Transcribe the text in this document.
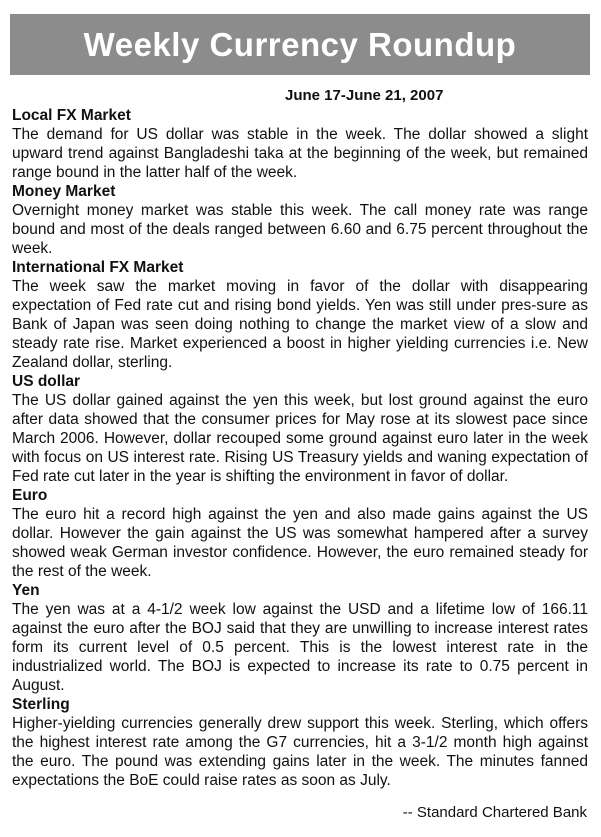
Weekly Currency Roundup
June 17-June 21, 2007
Local FX Market

The demand for US dollar was stable in the week. The dollar showed a slight upward trend against Bangladeshi taka at the beginning of the week, but remained range bound in the latter half of the week.

Money Market

Overnight money market was stable this week. The call money rate was range bound and most of the deals ranged between 6.60 and 6.75 percent throughout the week.

International FX Market

The week saw the market moving in favor of the dollar with disappearing expectation of Fed rate cut and rising bond yields. Yen was still under pres-sure as Bank of Japan was seen doing nothing to change the market view of a slow and steady rate rise. Market experienced a boost in higher yielding currencies i.e. New Zealand dollar, sterling.

US dollar

The US dollar gained against the yen this week, but lost ground against the euro after data showed that the consumer prices for May rose at its slowest pace since March 2006. However, dollar recouped some ground against euro later in the week with focus on US interest rate. Rising US Treasury yields and waning expectation of Fed rate cut later in the year is shifting the environment in favor of dollar.

Euro

The euro hit a record high against the yen and also made gains against the US dollar. However the gain against the US was somewhat hampered after a survey showed weak German investor confidence. However, the euro remained steady for the rest of the week.

Yen

The yen was at a 4-1/2 week low against the USD and a lifetime low of 166.11 against the euro after the BOJ said that they are unwilling to increase interest rates form its current level of 0.5 percent. This is the lowest interest rate in the industrialized world. The BOJ is expected to increase its rate to 0.75 percent in August.

Sterling

Higher-yielding currencies generally drew support this week. Sterling, which offers the highest interest rate among the G7 currencies, hit a 3-1/2 month high against the euro. The pound was extending gains later in the week. The minutes fanned expectations the BoE could raise rates as soon as July.

-- Standard Chartered Bank
